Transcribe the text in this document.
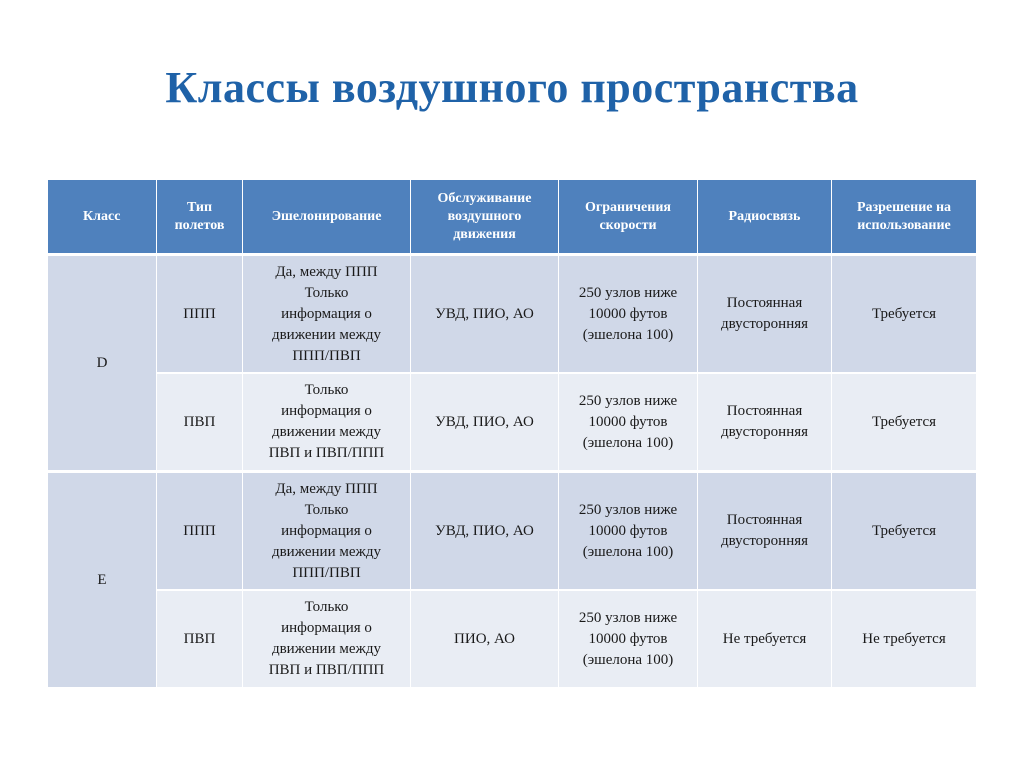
Классы воздушного пространства
Класс	Тип полетов	Эшелонирование	Обслуживание воздушного движения	Ограничения скорости	Радиосвязь	Разрешение на использование
D	ППП	Да, между ППП
Только
информация о
движении между
ППП/ПВП	УВД, ПИО, АО	250 узлов ниже
10000 футов
(эшелона 100)	Постоянная
двусторонняя	Требуется
	ПВП	Только
информация о
движении между
ПВП и ПВП/ППП	УВД, ПИО, АО	250 узлов ниже
10000 футов
(эшелона 100)	Постоянная
двусторонняя	Требуется
E	ППП	Да, между ППП
Только
информация о
движении между
ППП/ПВП	УВД, ПИО, АО	250 узлов ниже
10000 футов
(эшелона 100)	Постоянная
двусторонняя	Требуется
	ПВП	Только
информация о
движении между
ПВП и ПВП/ППП	ПИО, АО	250 узлов ниже
10000 футов
(эшелона 100)	Не требуется	Не требуется
